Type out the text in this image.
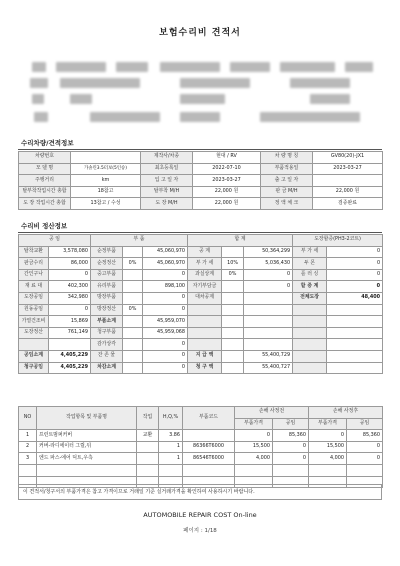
보험수리비 견적서
수리차량/견적정보
차량번호		제작사/차종	현대 / RV	차 량 명 칭	GV80(20)-JX1
모 델 명	가솔린3.5터보(5인승)	최초등록일	2022-07-10	부품적용일	2023-03-27
주행거리	km	입 고 일 자	2023-03-27	출 고 일 자	
탈부착작업시간 총합	18참고	탈부착 M/H	22,000 원	판 금 M/H	22,000 원
도 장 작업시간 총합	13참고 / 수성	도 장 M/H	22,000 원	정 액 체 크	검증완료
수리비 정산정보
공 임		부 품			합 계			도장할증(PH3-2코트)	
탈착교환	3,578,080	순정부품		45,060,970	공 계		50,364,299	부 가 세	0
판금수리	86,000	순정정산	0%	45,060,970	부 가 세	10%	5,036,430	두 몬	0
간인구나	0	중고부품		0	과실상계	0%	0	플 러 싱	0
재 료 대	402,300	유리부품		898,100	자기부담금		0	할 증 계	0
도장공임	342,980	방장부품		0	대차공제			전체도장	48,400
원동공임	0	방장정산	0%	0					
가열건조비	15,869	부품소계		45,959,070					
도장정산	761,149	청구부품		45,959,068					
		감가상각		0					
공임소계	4,405,229	잔 존 물		0	지 급 액		55,400,729		
청구공임	4,405,229	차감소계		0	청 구 액		55,400,727		
NO	작업항목 및 부품명	작업	H,Q,%	부품코드	손해 사정전		손해 사정후	
					부품가격	공임	부품가격	공임
1	프런트범퍼커버	교환	3.86		0	85,360	0	85,360
2	커버-라디에이터 그릴,뒤		1	86366T6000	15,500	0	15,500	0
3	엔드 파스-에어 덕트,우측		1	86546T6000	4,000	0	4,000	0

이 견적서/청구서의 부품가격은 참고 가격이므로 거래일 기준 실거래가격을 확인하여 사용하시기 바랍니다.
AUTOMOBILE REPAIR COST On-line
페이지 : 1/18
